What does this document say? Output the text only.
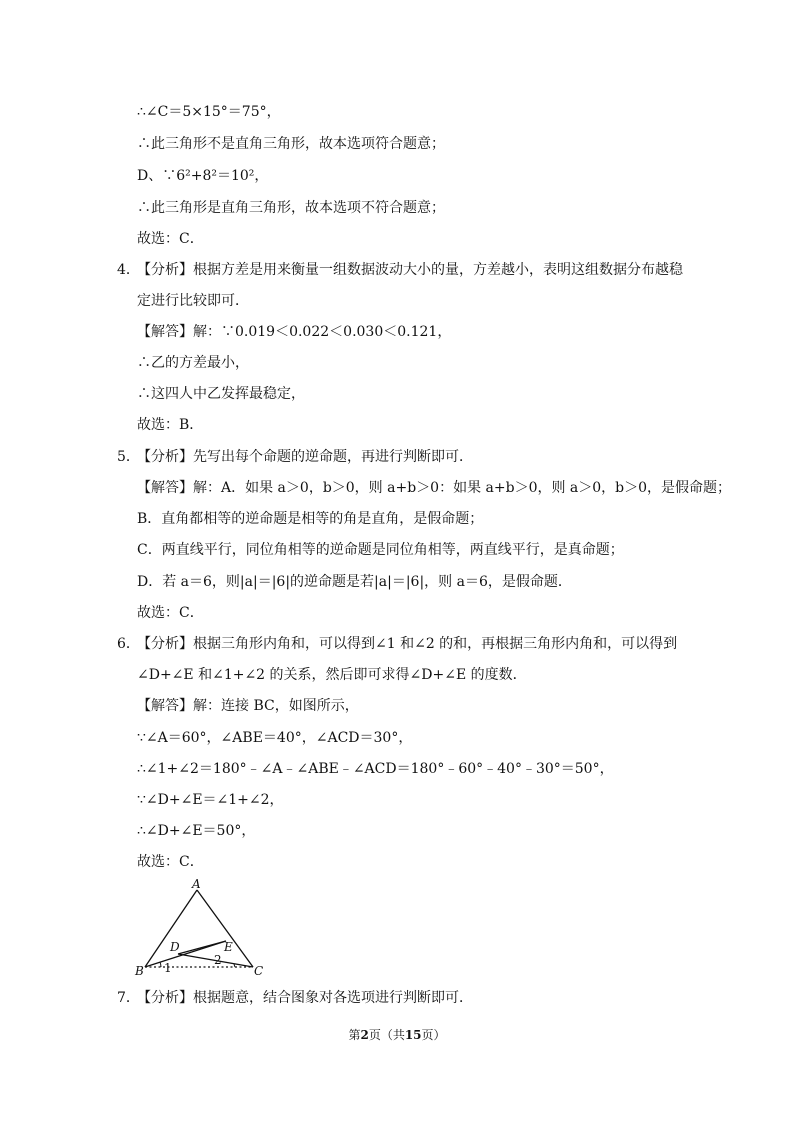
∴∠C＝5×15°＝75°，
∴此三角形不是直角三角形，故本选项符合题意；
D、∵6²+8²＝10²，
∴此三角形是直角三角形，故本选项不符合题意；
故选：C．
4．【分析】根据方差是用来衡量一组数据波动大小的量，方差越小，表明这组数据分布越稳
定进行比较即可．
【解答】解：∵0.019＜0.022＜0.030＜0.121，
∴乙的方差最小，
∴这四人中乙发挥最稳定，
故选：B．
5．【分析】先写出每个命题的逆命题，再进行判断即可．
【解答】解：A．如果 a＞0，b＞0，则 a+b＞0：如果 a+b＞0，则 a＞0，b＞0，是假命题；
B．直角都相等的逆命题是相等的角是直角，是假命题；
C．两直线平行，同位角相等的逆命题是同位角相等，两直线平行，是真命题；
D．若 a＝6，则|a|＝|6|的逆命题是若|a|＝|6|，则 a＝6，是假命题．
故选：C．
6．【分析】根据三角形内角和，可以得到∠1 和∠2 的和，再根据三角形内角和，可以得到
∠D+∠E 和∠1+∠2 的关系，然后即可求得∠D+∠E 的度数．
【解答】解：连接 BC，如图所示，
∵∠A＝60°，∠ABE＝40°，∠ACD＝30°，
∴∠1+∠2＝180°﹣∠A﹣∠ABE﹣∠ACD＝180°﹣60°﹣40°﹣30°＝50°，
∵∠D+∠E＝∠1+∠2，
∴∠D+∠E＝50°，
故选：C．
A
B	C
D	E
1
2
7．【分析】根据题意，结合图象对各选项进行判断即可．
第2页（共15页）
